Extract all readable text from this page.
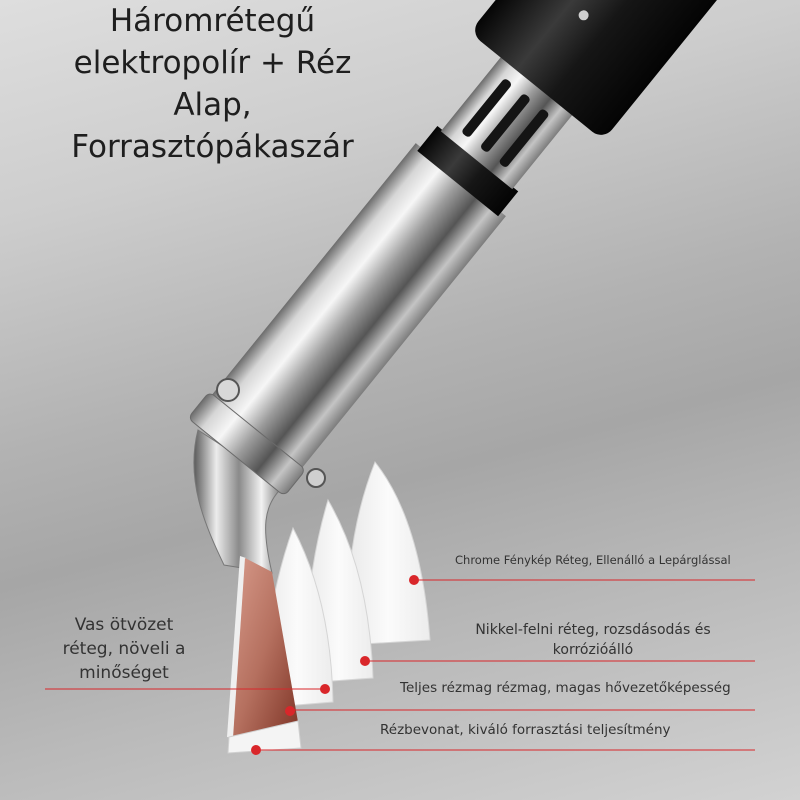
Háromrétegű
elektropolír + Réz
Alap,
Forrasztópákaszár
Chrome Fénykép Réteg, Ellenálló a Lepárglással
Nikkel-felni réteg, rozsdásodás és
korrózióálló
Vas ötvözet
réteg, növeli a
minőséget
Teljes rézmag rézmag, magas hővezetőképesség
Rézbevonat, kiváló forrasztási teljesítmény
